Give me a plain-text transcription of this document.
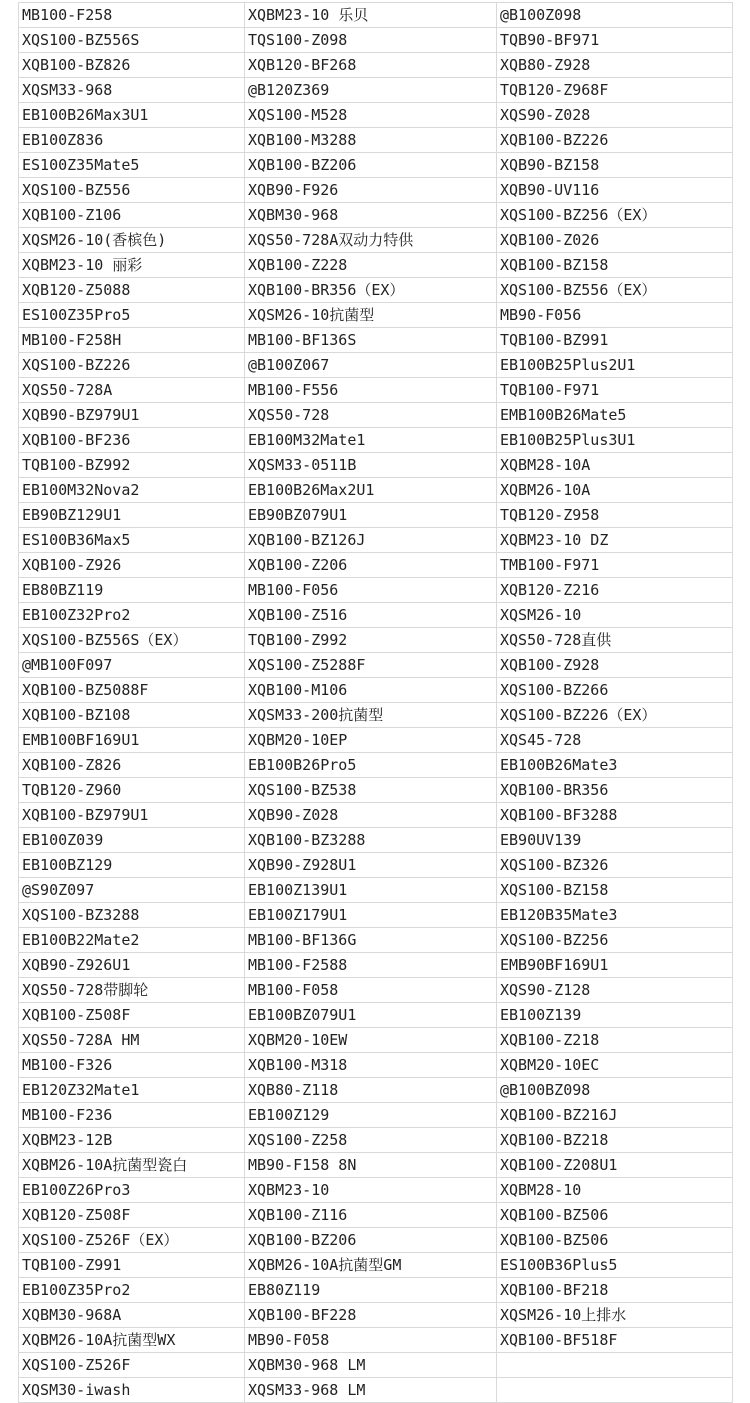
MB100-F258	XQBM23-10 乐贝	@B100Z098
XQS100-BZ556S	TQS100-Z098	TQB90-BF971
XQB100-BZ826	XQB120-BF268	XQB80-Z928
XQSM33-968	@B120Z369	TQB120-Z968F
EB100B26Max3U1	XQS100-M528	XQS90-Z028
EB100Z836	XQB100-M3288	XQB100-BZ226
ES100Z35Mate5	XQB100-BZ206	XQB90-BZ158
XQS100-BZ556	XQB90-F926	XQB90-UV116
XQB100-Z106	XQBM30-968	XQS100-BZ256（EX）
XQSM26-10(香槟色)	XQS50-728A双动力特供	XQB100-Z026
XQBM23-10 丽彩	XQB100-Z228	XQB100-BZ158
XQB120-Z5088	XQB100-BR356（EX）	XQS100-BZ556（EX）
ES100Z35Pro5	XQSM26-10抗菌型	MB90-F056
MB100-F258H	MB100-BF136S	TQB100-BZ991
XQS100-BZ226	@B100Z067	EB100B25Plus2U1
XQS50-728A	MB100-F556	TQB100-F971
XQB90-BZ979U1	XQS50-728	EMB100B26Mate5
XQB100-BF236	EB100M32Mate1	EB100B25Plus3U1
TQB100-BZ992	XQSM33-0511B	XQBM28-10A
EB100M32Nova2	EB100B26Max2U1	XQBM26-10A
EB90BZ129U1	EB90BZ079U1	TQB120-Z958
ES100B36Max5	XQB100-BZ126J	XQBM23-10 DZ
XQB100-Z926	XQB100-Z206	TMB100-F971
EB80BZ119	MB100-F056	XQB120-Z216
EB100Z32Pro2	XQB100-Z516	XQSM26-10
XQS100-BZ556S（EX）	TQB100-Z992	XQS50-728直供
@MB100F097	XQS100-Z5288F	XQB100-Z928
XQB100-BZ5088F	XQB100-M106	XQS100-BZ266
XQB100-BZ108	XQSM33-200抗菌型	XQS100-BZ226（EX）
EMB100BF169U1	XQBM20-10EP	XQS45-728
XQB100-Z826	EB100B26Pro5	EB100B26Mate3
TQB120-Z960	XQS100-BZ538	XQB100-BR356
XQB100-BZ979U1	XQB90-Z028	XQB100-BF3288
EB100Z039	XQB100-BZ3288	EB90UV139
EB100BZ129	XQB90-Z928U1	XQS100-BZ326
@S90Z097	EB100Z139U1	XQS100-BZ158
XQS100-BZ3288	EB100Z179U1	EB120B35Mate3
EB100B22Mate2	MB100-BF136G	XQS100-BZ256
XQB90-Z926U1	MB100-F2588	EMB90BF169U1
XQS50-728带脚轮	MB100-F058	XQS90-Z128
XQB100-Z508F	EB100BZ079U1	EB100Z139
XQS50-728A HM	XQBM20-10EW	XQB100-Z218
MB100-F326	XQB100-M318	XQBM20-10EC
EB120Z32Mate1	XQB80-Z118	@B100BZ098
MB100-F236	EB100Z129	XQB100-BZ216J
XQBM23-12B	XQS100-Z258	XQB100-BZ218
XQBM26-10A抗菌型瓷白	MB90-F158 8N	XQB100-Z208U1
EB100Z26Pro3	XQBM23-10	XQBM28-10
XQB120-Z508F	XQB100-Z116	XQB100-BZ506
XQS100-Z526F（EX）	XQB100-BZ206	XQB100-BZ506
TQB100-Z991	XQBM26-10A抗菌型GM	ES100B36Plus5
EB100Z35Pro2	EB80Z119	XQB100-BF218
XQBM30-968A	XQB100-BF228	XQSM26-10上排水
XQBM26-10A抗菌型WX	MB90-F058	XQB100-BF518F
XQS100-Z526F	XQBM30-968 LM	
XQSM30-iwash	XQSM33-968 LM	
